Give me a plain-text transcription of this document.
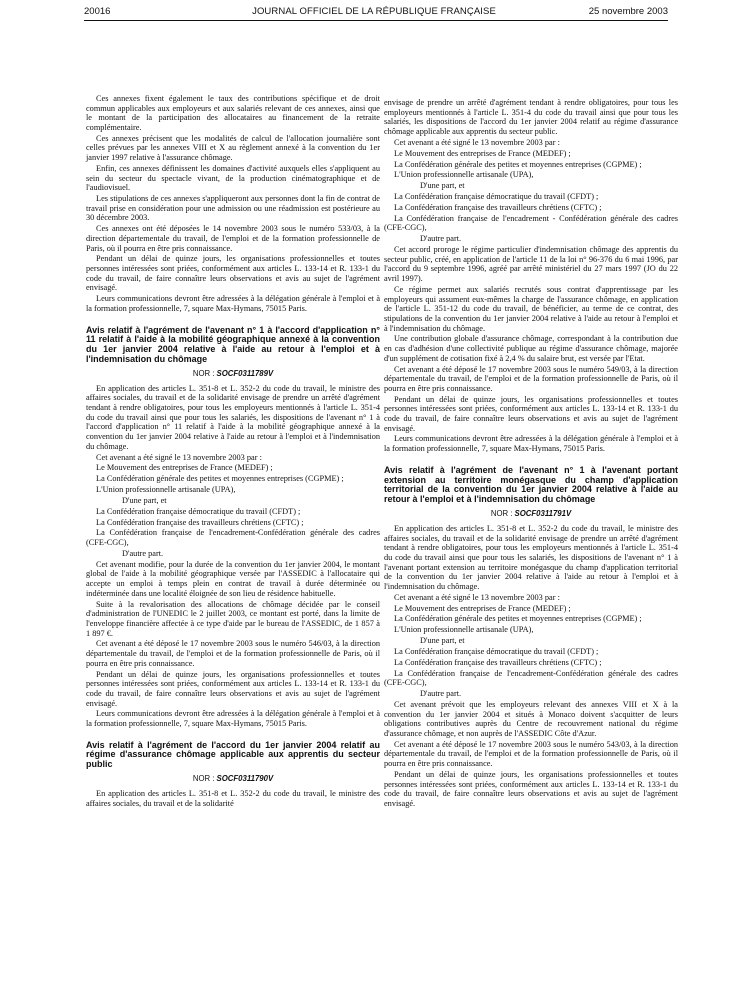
20016	JOURNAL OFFICIEL DE LA RÉPUBLIQUE FRANÇAISE	25 novembre 2003

Ces annexes fixent également le taux des contributions spécifique et de droit commun applicables aux employeurs et aux salariés relevant de ces annexes, ainsi que le montant de la participation des allocataires au financement de la retraite complémentaire.

Ces annexes précisent que les modalités de calcul de l'allocation journalière sont celles prévues par les annexes VIII et X au règlement annexé à la convention du 1er janvier 1997 relative à l'assurance chômage.

Enfin, ces annexes définissent les domaines d'activité auxquels elles s'appliquent au sein du secteur du spectacle vivant, de la production cinématographique et de l'audiovisuel.

Les stipulations de ces annexes s'appliqueront aux personnes dont la fin de contrat de travail prise en considération pour une admission ou une réadmission est postérieure au 30 décembre 2003.

Ces annexes ont été déposées le 14 novembre 2003 sous le numéro 533/03, à la direction départementale du travail, de l'emploi et de la formation professionnelle de Paris, où il pourra en être pris connaissance.

Pendant un délai de quinze jours, les organisations professionnelles et toutes personnes intéressées sont priées, conformément aux articles L. 133-14 et R. 133-1 du code du travail, de faire connaître leurs observations et avis au sujet de l'agrément envisagé.

Leurs communications devront être adressées à la délégation générale à l'emploi et à la formation professionnelle, 7, square Max-Hymans, 75015 Paris.

Avis relatif à l'agrément de l'avenant n° 1 à l'accord d'application n° 11 relatif à l'aide à la mobilité géographique annexé à la convention du 1er janvier 2004 relative à l'aide au retour à l'emploi et à l'indemnisation du chômage
NOR : SOCF0311789V

En application des articles L. 351-8 et L. 352-2 du code du travail, le ministre des affaires sociales, du travail et de la solidarité envisage de prendre un arrêté d'agrément tendant à rendre obligatoires, pour tous les employeurs mentionnés à l'article L. 351-4 du code du travail ainsi que pour tous les salariés, les dispositions de l'avenant n° 1 à l'accord d'application n° 11 relatif à l'aide à la mobilité géographique annexé à la convention du 1er janvier 2004 relative à l'aide au retour à l'emploi et à l'indemnisation du chômage.

Cet avenant a été signé le 13 novembre 2003 par :

Le Mouvement des entreprises de France (MEDEF) ;

La Confédération générale des petites et moyennes entreprises (CGPME) ;

L'Union professionnelle artisanale (UPA),

D'une part, et

La Confédération française démocratique du travail (CFDT) ;

La Confédération française des travailleurs chrétiens (CFTC) ;

La Confédération française de l'encadrement-Confédération générale des cadres (CFE-CGC),

D'autre part.

Cet avenant modifie, pour la durée de la convention du 1er janvier 2004, le montant global de l'aide à la mobilité géographique versée par l'ASSEDIC à l'allocataire qui accepte un emploi à temps plein en contrat de travail à durée déterminée ou indéterminée dans une localité éloignée de son lieu de résidence habituelle.

Suite à la revalorisation des allocations de chômage décidée par le conseil d'administration de l'UNEDIC le 2 juillet 2003, ce montant est porté, dans la limite de l'enveloppe financière affectée à ce type d'aide par le bureau de l'ASSEDIC, de 1 857 à 1 897 €.

Cet avenant a été déposé le 17 novembre 2003 sous le numéro 546/03, à la direction départementale du travail, de l'emploi et de la formation professionnelle de Paris, où il pourra en être pris connaissance.

Pendant un délai de quinze jours, les organisations professionnelles et toutes personnes intéressées sont priées, conformément aux articles L. 133-14 et R. 133-1 du code du travail, de faire connaître leurs observations et avis au sujet de l'agrément envisagé.

Leurs communications devront être adressées à la délégation générale à l'emploi et à la formation professionnelle, 7, square Max-Hymans, 75015 Paris.

Avis relatif à l'agrément de l'accord du 1er janvier 2004 relatif au régime d'assurance chômage applicable aux apprentis du secteur public
NOR : SOCF0311790V

En application des articles L. 351-8 et L. 352-2 du code du travail, le ministre des affaires sociales, du travail et de la solidarité

envisage de prendre un arrêté d'agrément tendant à rendre obligatoires, pour tous les employeurs mentionnés à l'article L. 351-4 du code du travail ainsi que pour tous les salariés, les dispositions de l'accord du 1er janvier 2004 relatif au régime d'assurance chômage applicable aux apprentis du secteur public.

Cet avenant a été signé le 13 novembre 2003 par :

Le Mouvement des entreprises de France (MEDEF) ;

La Confédération générale des petites et moyennes entreprises (CGPME) ;

L'Union professionnelle artisanale (UPA),

D'une part, et

La Confédération française démocratique du travail (CFDT) ;

La Confédération française des travailleurs chrétiens (CFTC) ;

La Confédération française de l'encadrement - Confédération générale des cadres (CFE-CGC),

D'autre part.

Cet accord proroge le régime particulier d'indemnisation chômage des apprentis du secteur public, créé, en application de l'article 11 de la loi n° 96-376 du 6 mai 1996, par l'accord du 9 septembre 1996, agréé par arrêté ministériel du 27 mars 1997 (JO du 22 avril 1997).

Ce régime permet aux salariés recrutés sous contrat d'apprentissage par les employeurs qui assument eux-mêmes la charge de l'assurance chômage, en application de l'article L. 351-12 du code du travail, de bénéficier, au terme de ce contrat, des stipulations de la convention du 1er janvier 2004 relative à l'aide au retour à l'emploi et à l'indemnisation du chômage.

Une contribution globale d'assurance chômage, correspondant à la contribution due en cas d'adhésion d'une collectivité publique au régime d'assurance chômage, majorée d'un supplément de cotisation fixé à 2,4 % du salaire brut, est versée par l'Etat.

Cet avenant a été déposé le 17 novembre 2003 sous le numéro 549/03, à la direction départementale du travail, de l'emploi et de la formation professionnelle de Paris, où il pourra en être pris connaissance.

Pendant un délai de quinze jours, les organisations professionnelles et toutes personnes intéressées sont priées, conformément aux articles L. 133-14 et R. 133-1 du code du travail, de faire connaître leurs observations et avis au sujet de l'agrément envisagé.

Leurs communications devront être adressées à la délégation générale à l'emploi et à la formation professionnelle, 7, square Max-Hymans, 75015 Paris.

Avis relatif à l'agrément de l'avenant n° 1 à l'avenant portant extension au territoire monégasque du champ d'application territorial de la convention du 1er janvier 2004 relative à l'aide au retour à l'emploi et à l'indemnisation du chômage
NOR : SOCF0311791V

En application des articles L. 351-8 et L. 352-2 du code du travail, le ministre des affaires sociales, du travail et de la solidarité envisage de prendre un arrêté d'agrément tendant à rendre obligatoires, pour tous les employeurs mentionnés à l'article L. 351-4 du code du travail ainsi que pour tous les salariés, les dispositions de l'avenant n° 1 à l'avenant portant extension au territoire monégasque du champ d'application territorial de la convention du 1er janvier 2004 relative à l'aide au retour à l'emploi et à l'indemnisation du chômage.

Cet avenant a été signé le 13 novembre 2003 par :

Le Mouvement des entreprises de France (MEDEF) ;

La Confédération générale des petites et moyennes entreprises (CGPME) ;

L'Union professionnelle artisanale (UPA),

D'une part, et

La Confédération française démocratique du travail (CFDT) ;

La Confédération française des travailleurs chrétiens (CFTC) ;

La Confédération française de l'encadrement-Confédération générale des cadres (CFE-CGC),

D'autre part.

Cet avenant prévoit que les employeurs relevant des annexes VIII et X à la convention du 1er janvier 2004 et situés à Monaco doivent s'acquitter de leurs obligations contributives auprès du Centre de recouvrement national du régime d'assurance chômage, et non auprès de l'ASSEDIC Côte d'Azur.

Cet avenant a été déposé le 17 novembre 2003 sous le numéro 543/03, à la direction départementale du travail, de l'emploi et de la formation professionnelle de Paris, où il pourra en être pris connaissance.

Pendant un délai de quinze jours, les organisations professionnelles et toutes personnes intéressées sont priées, conformément aux articles L. 133-14 et R. 133-1 du code du travail, de faire connaître leurs observations et avis au sujet de l'agrément envisagé.
